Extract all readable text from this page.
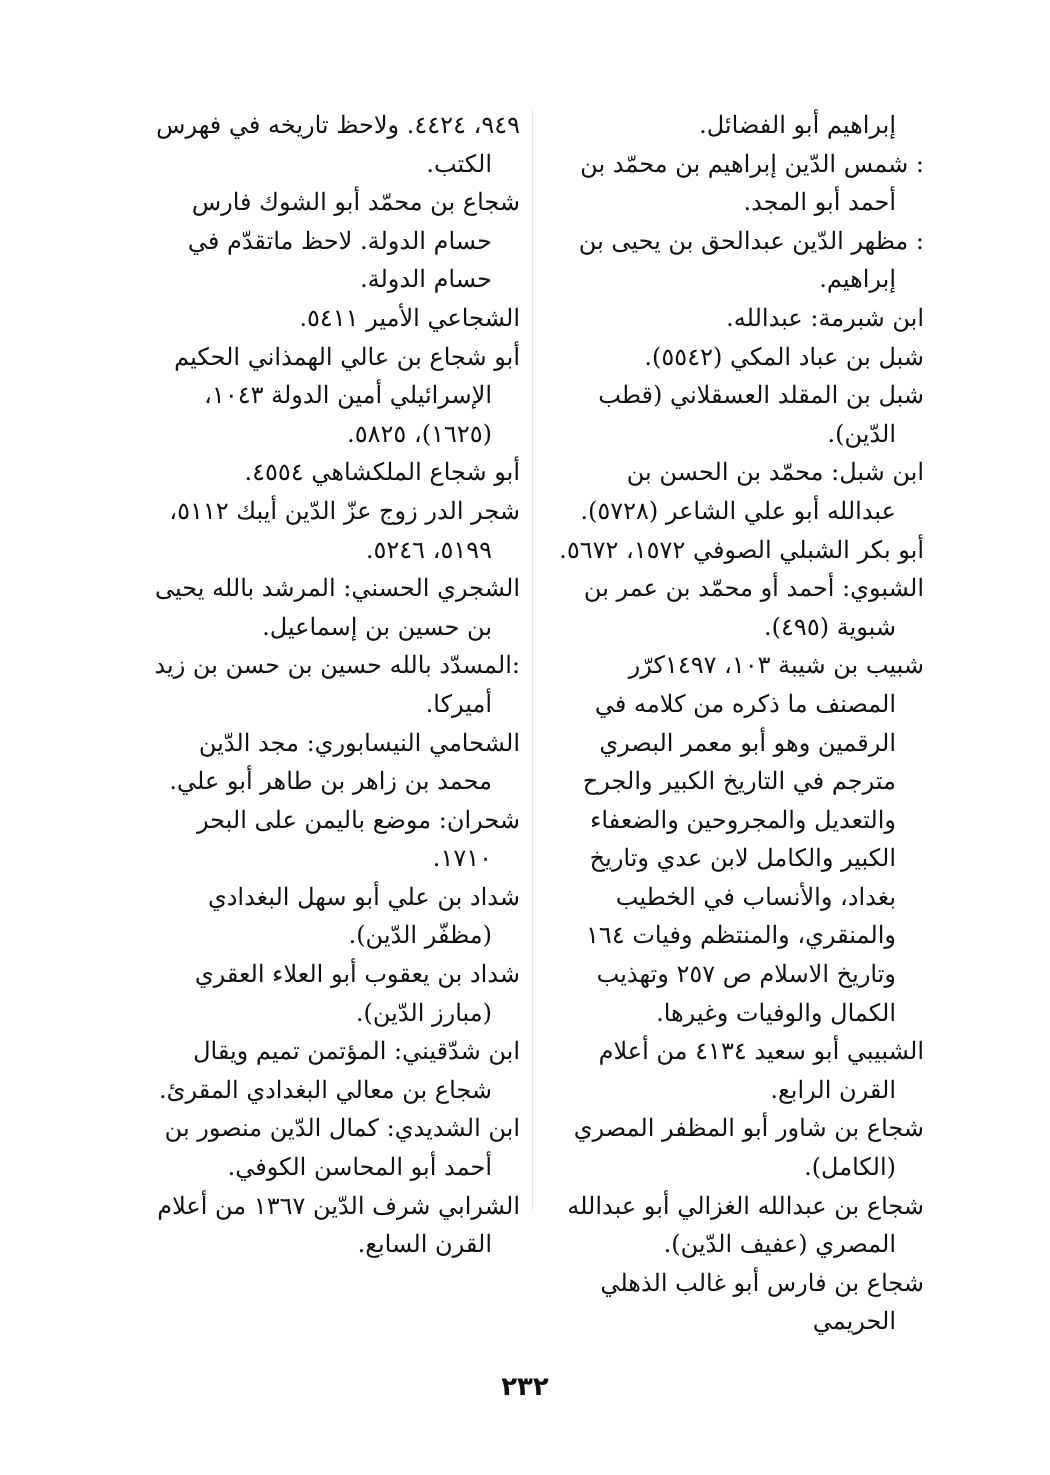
إبراهيم أبو الفضائل.

: شمس الدّين إبراهيم بن محمّد بن أحمد أبو المجد.

: مظهر الدّين عبدالحق بن يحيى بن إبراهيم.

ابن شبرمة: عبدالله.

شبل بن عباد المكي (٥٥٤٢).

شبل بن المقلد العسقلاني (قطب الدّين).

ابن شبل: محمّد بن الحسن بن عبدالله أبو علي الشاعر (٥٧٢٨).

أبو بكر الشبلي الصوفي ١٥٧٢، ٥٦٧٢.

الشبوي: أحمد أو محمّد بن عمر بن شبوية (٤٩٥).

شبيب بن شيبة ١٠٣، ١٤٩٧كرّر المصنف ما ذكره من كلامه في الرقمين وهو أبو معمر البصري مترجم في التاريخ الكبير والجرح والتعديل والمجروحين والضعفاء الكبير والكامل لابن عدي وتاريخ بغداد، والأنساب في الخطيب والمنقري، والمنتظم وفيات ١٦٤ وتاريخ الاسلام ص ٢٥٧ وتهذيب الكمال والوفيات وغيرها.

الشبيبي أبو سعيد ٤١٣٤ من أعلام القرن الرابع.

شجاع بن شاور أبو المظفر المصري (الكامل).

شجاع بن عبدالله الغزالي أبو عبدالله المصري (عفيف الدّين).

شجاع بن فارس أبو غالب الذهلي الحريمي

٩٤٩، ٤٤٢٤. ولاحظ تاريخه في فهرس الكتب.

شجاع بن محمّد أبو الشوك فارس حسام الدولة. لاحظ ماتقدّم في حسام الدولة.

الشجاعي الأمير ٥٤١١.

أبو شجاع بن عالي الهمذاني الحكيم الإسرائيلي أمين الدولة ١٠٤٣، (١٦٢٥)، ٥٨٢٥.

أبو شجاع الملكشاهي ٤٥٥٤.

شجر الدر زوج عزّ الدّين أيبك ٥١١٢، ٥١٩٩، ٥٢٤٦.

الشجري الحسني: المرشد بالله يحيى بن حسين بن إسماعيل.

:المسدّد بالله حسين بن حسن بن زيد أميركا.

الشحامي النيسابوري: مجد الدّين محمد بن زاهر بن طاهر أبو علي.

شحران: موضع باليمن على البحر ١٧١٠.

شداد بن علي أبو سهل البغدادي (مظفّر الدّين).

شداد بن يعقوب أبو العلاء العقري (مبارز الدّين).

ابن شدّقيني: المؤتمن تميم ويقال شجاع بن معالي البغدادي المقرئ.

ابن الشديدي: كمال الدّين منصور بن أحمد أبو المحاسن الكوفي.

الشرابي شرف الدّين ١٣٦٧ من أعلام القرن السابع.

٢٣٢
